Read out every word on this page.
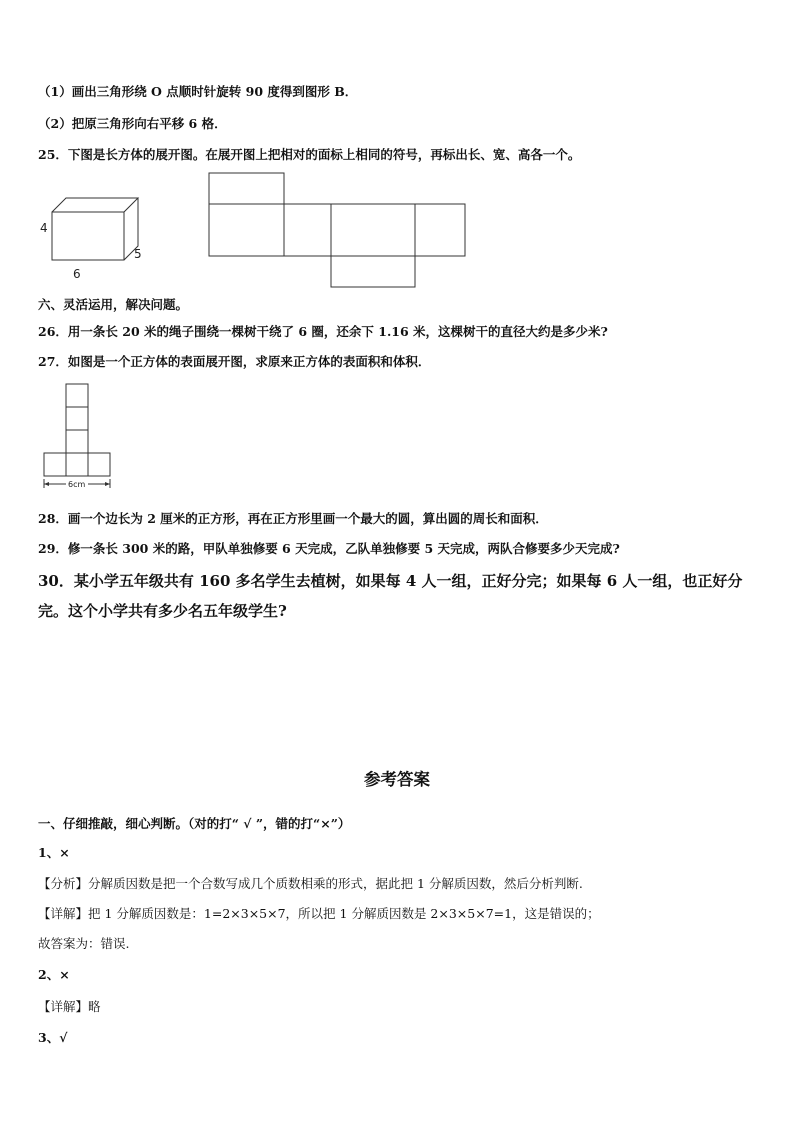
（1）画出三角形绕 O 点顺时针旋转 90 度得到图形 B．
（2）把原三角形向右平移 6 格．
25．下图是长方体的展开图。在展开图上把相对的面标上相同的符号，再标出长、宽、高各一个。
4
6
5
六、灵活运用，解决问题。
26．用一条长 20 米的绳子围绕一棵树干绕了 6 圈，还余下 1.16 米，这棵树干的直径大约是多少米?
27．如图是一个正方体的表面展开图，求原来正方体的表面积和体积．
6cm
28．画一个边长为 2 厘米的正方形，再在正方形里画一个最大的圆，算出圆的周长和面积．
29．修一条长 300 米的路，甲队单独修要 6 天完成，乙队单独修要 5 天完成，两队合修要多少天完成?
30．某小学五年级共有 160 多名学生去植树，如果每 4 人一组，正好分完；如果每 6 人一组，也正好分
完。这个小学共有多少名五年级学生?
参考答案
一、仔细推敲，细心判断。（对的打“ √ ”，错的打“×”）
1、×
【分析】分解质因数是把一个合数写成几个质数相乘的形式，据此把 1 分解质因数，然后分析判断.
【详解】把 1 分解质因数是：1=2×3×5×7，所以把 1 分解质因数是 2×3×5×7=1，这是错误的；
故答案为：错误.
2、×
【详解】略
3、√
